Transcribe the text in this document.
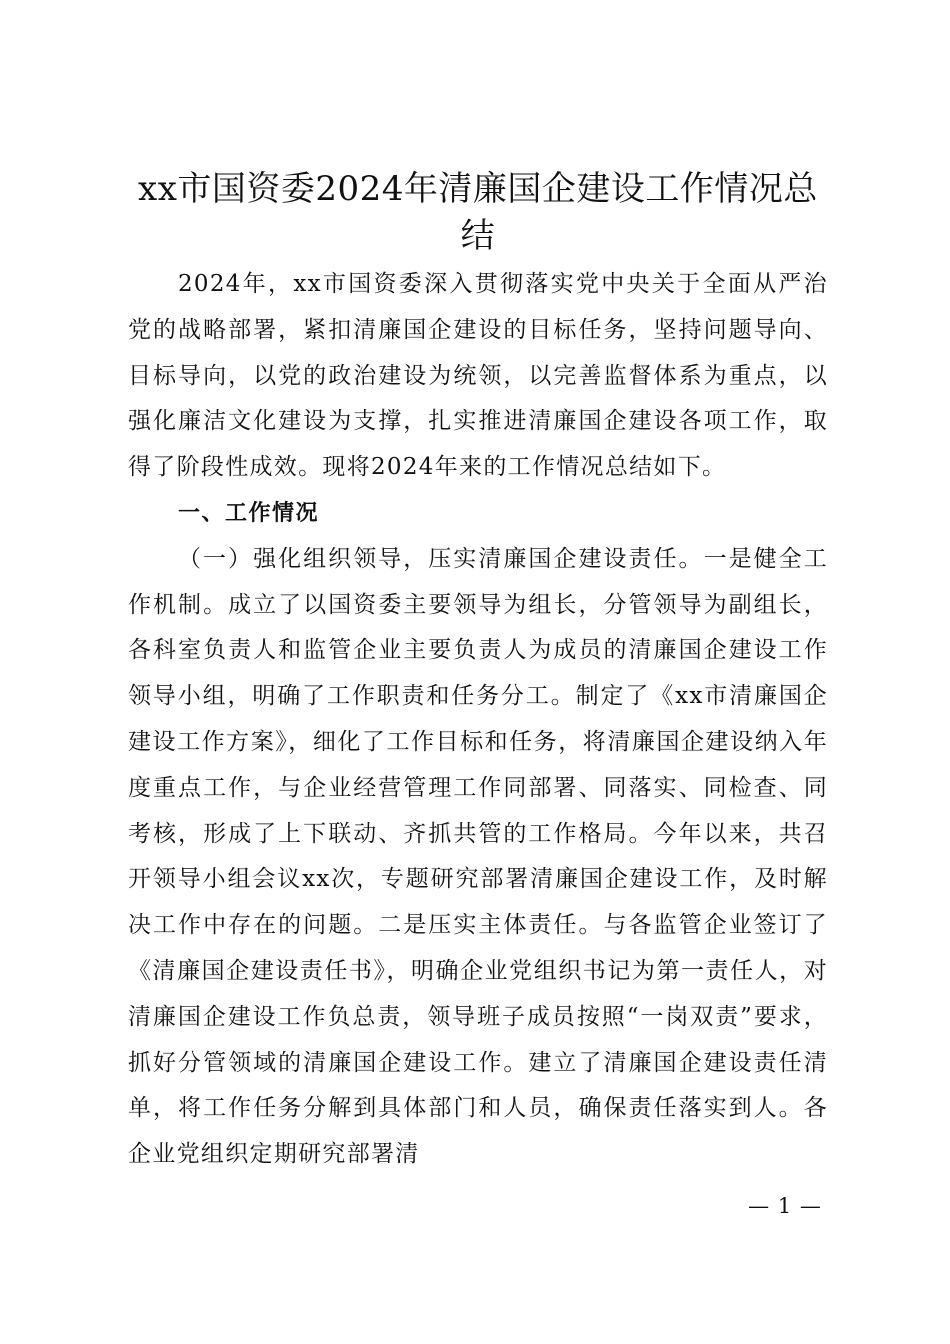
xx市国资委2024年清廉国企建设工作情况总结

2024年，xx市国资委深入贯彻落实党中央关于全面从严治党的战略部署，紧扣清廉国企建设的目标任务，坚持问题导向、目标导向，以党的政治建设为统领，以完善监督体系为重点，以强化廉洁文化建设为支撑，扎实推进清廉国企建设各项工作，取得了阶段性成效。现将2024年来的工作情况总结如下。

一、工作情况

（一）强化组织领导，压实清廉国企建设责任。一是健全工作机制。成立了以国资委主要领导为组长，分管领导为副组长，各科室负责人和监管企业主要负责人为成员的清廉国企建设工作领导小组，明确了工作职责和任务分工。制定了《xx市清廉国企建设工作方案》，细化了工作目标和任务，将清廉国企建设纳入年度重点工作，与企业经营管理工作同部署、同落实、同检查、同考核，形成了上下联动、齐抓共管的工作格局。今年以来，共召开领导小组会议xx次，专题研究部署清廉国企建设工作，及时解决工作中存在的问题。二是压实主体责任。与各监管企业签订了《清廉国企建设责任书》，明确企业党组织书记为第一责任人，对清廉国企建设工作负总责，领导班子成员按照“一岗双责”要求，抓好分管领域的清廉国企建设工作。建立了清廉国企建设责任清单，将工作任务分解到具体部门和人员，确保责任落实到人。各企业党组织定期研究部署清

— 1 —
